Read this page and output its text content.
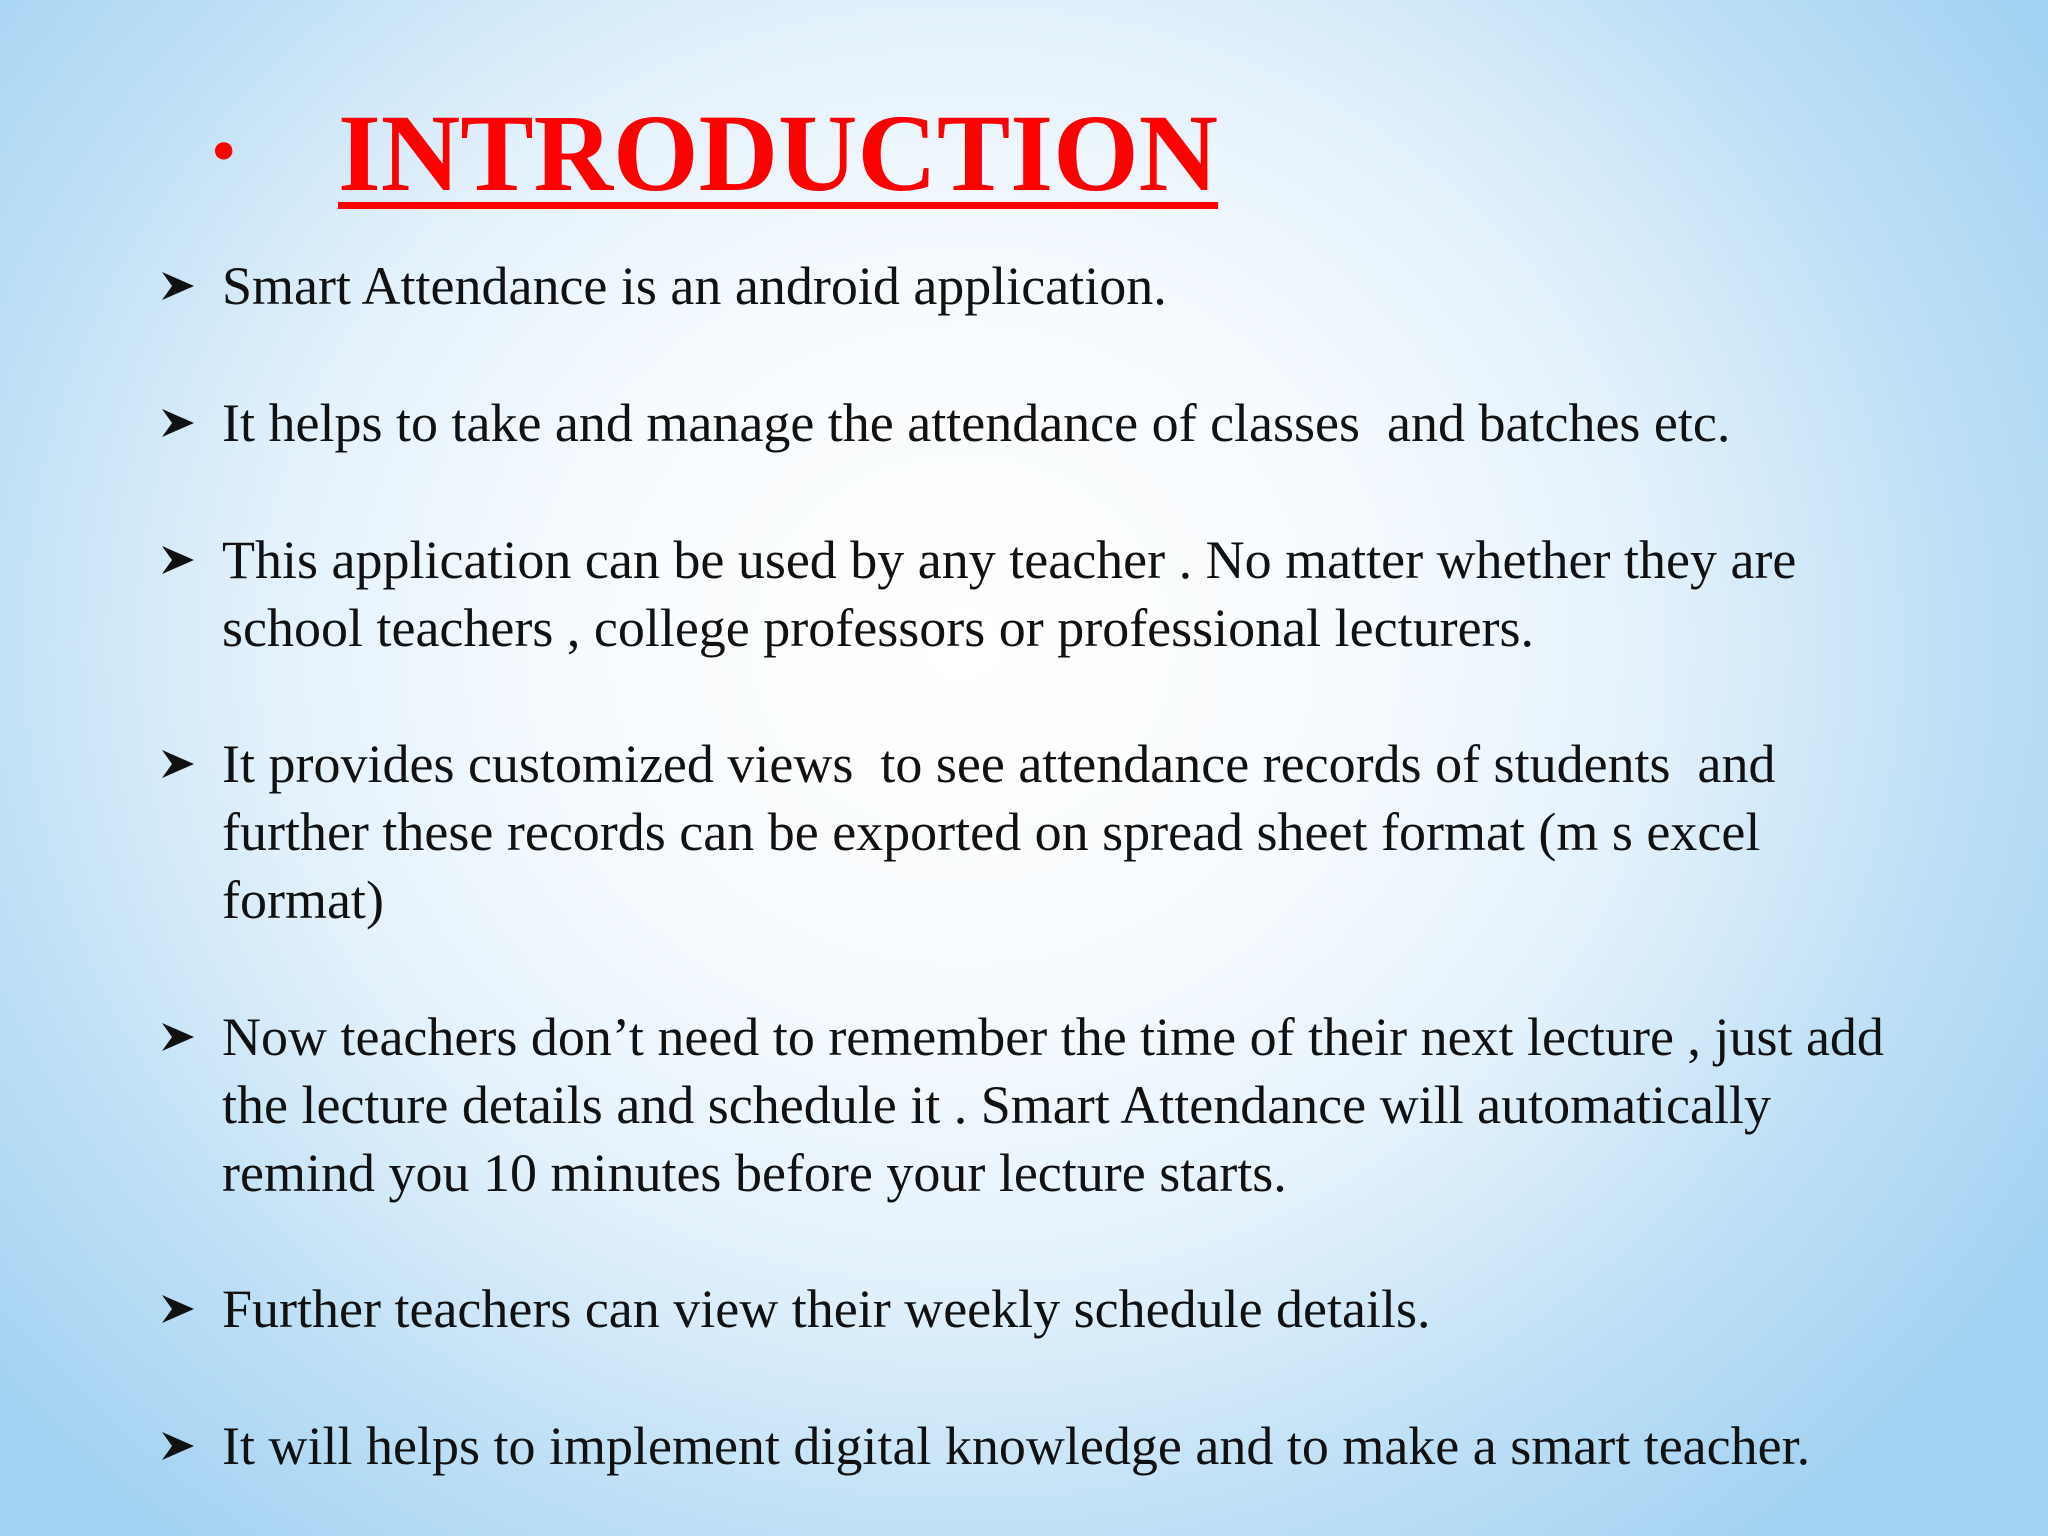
• INTRODUCTION
Smart Attendance is an android application.
It helps to take and manage the attendance of classes  and batches etc.
This application can be used by any teacher . No matter whether they are
school teachers , college professors or professional lecturers.
It provides customized views  to see attendance records of students  and
further these records can be exported on spread sheet format (m s excel
format)
Now teachers don’t need to remember the time of their next lecture , just add
the lecture details and schedule it . Smart Attendance will automatically
remind you 10 minutes before your lecture starts.
Further teachers can view their weekly schedule details.
It will helps to implement digital knowledge and to make a smart teacher.
